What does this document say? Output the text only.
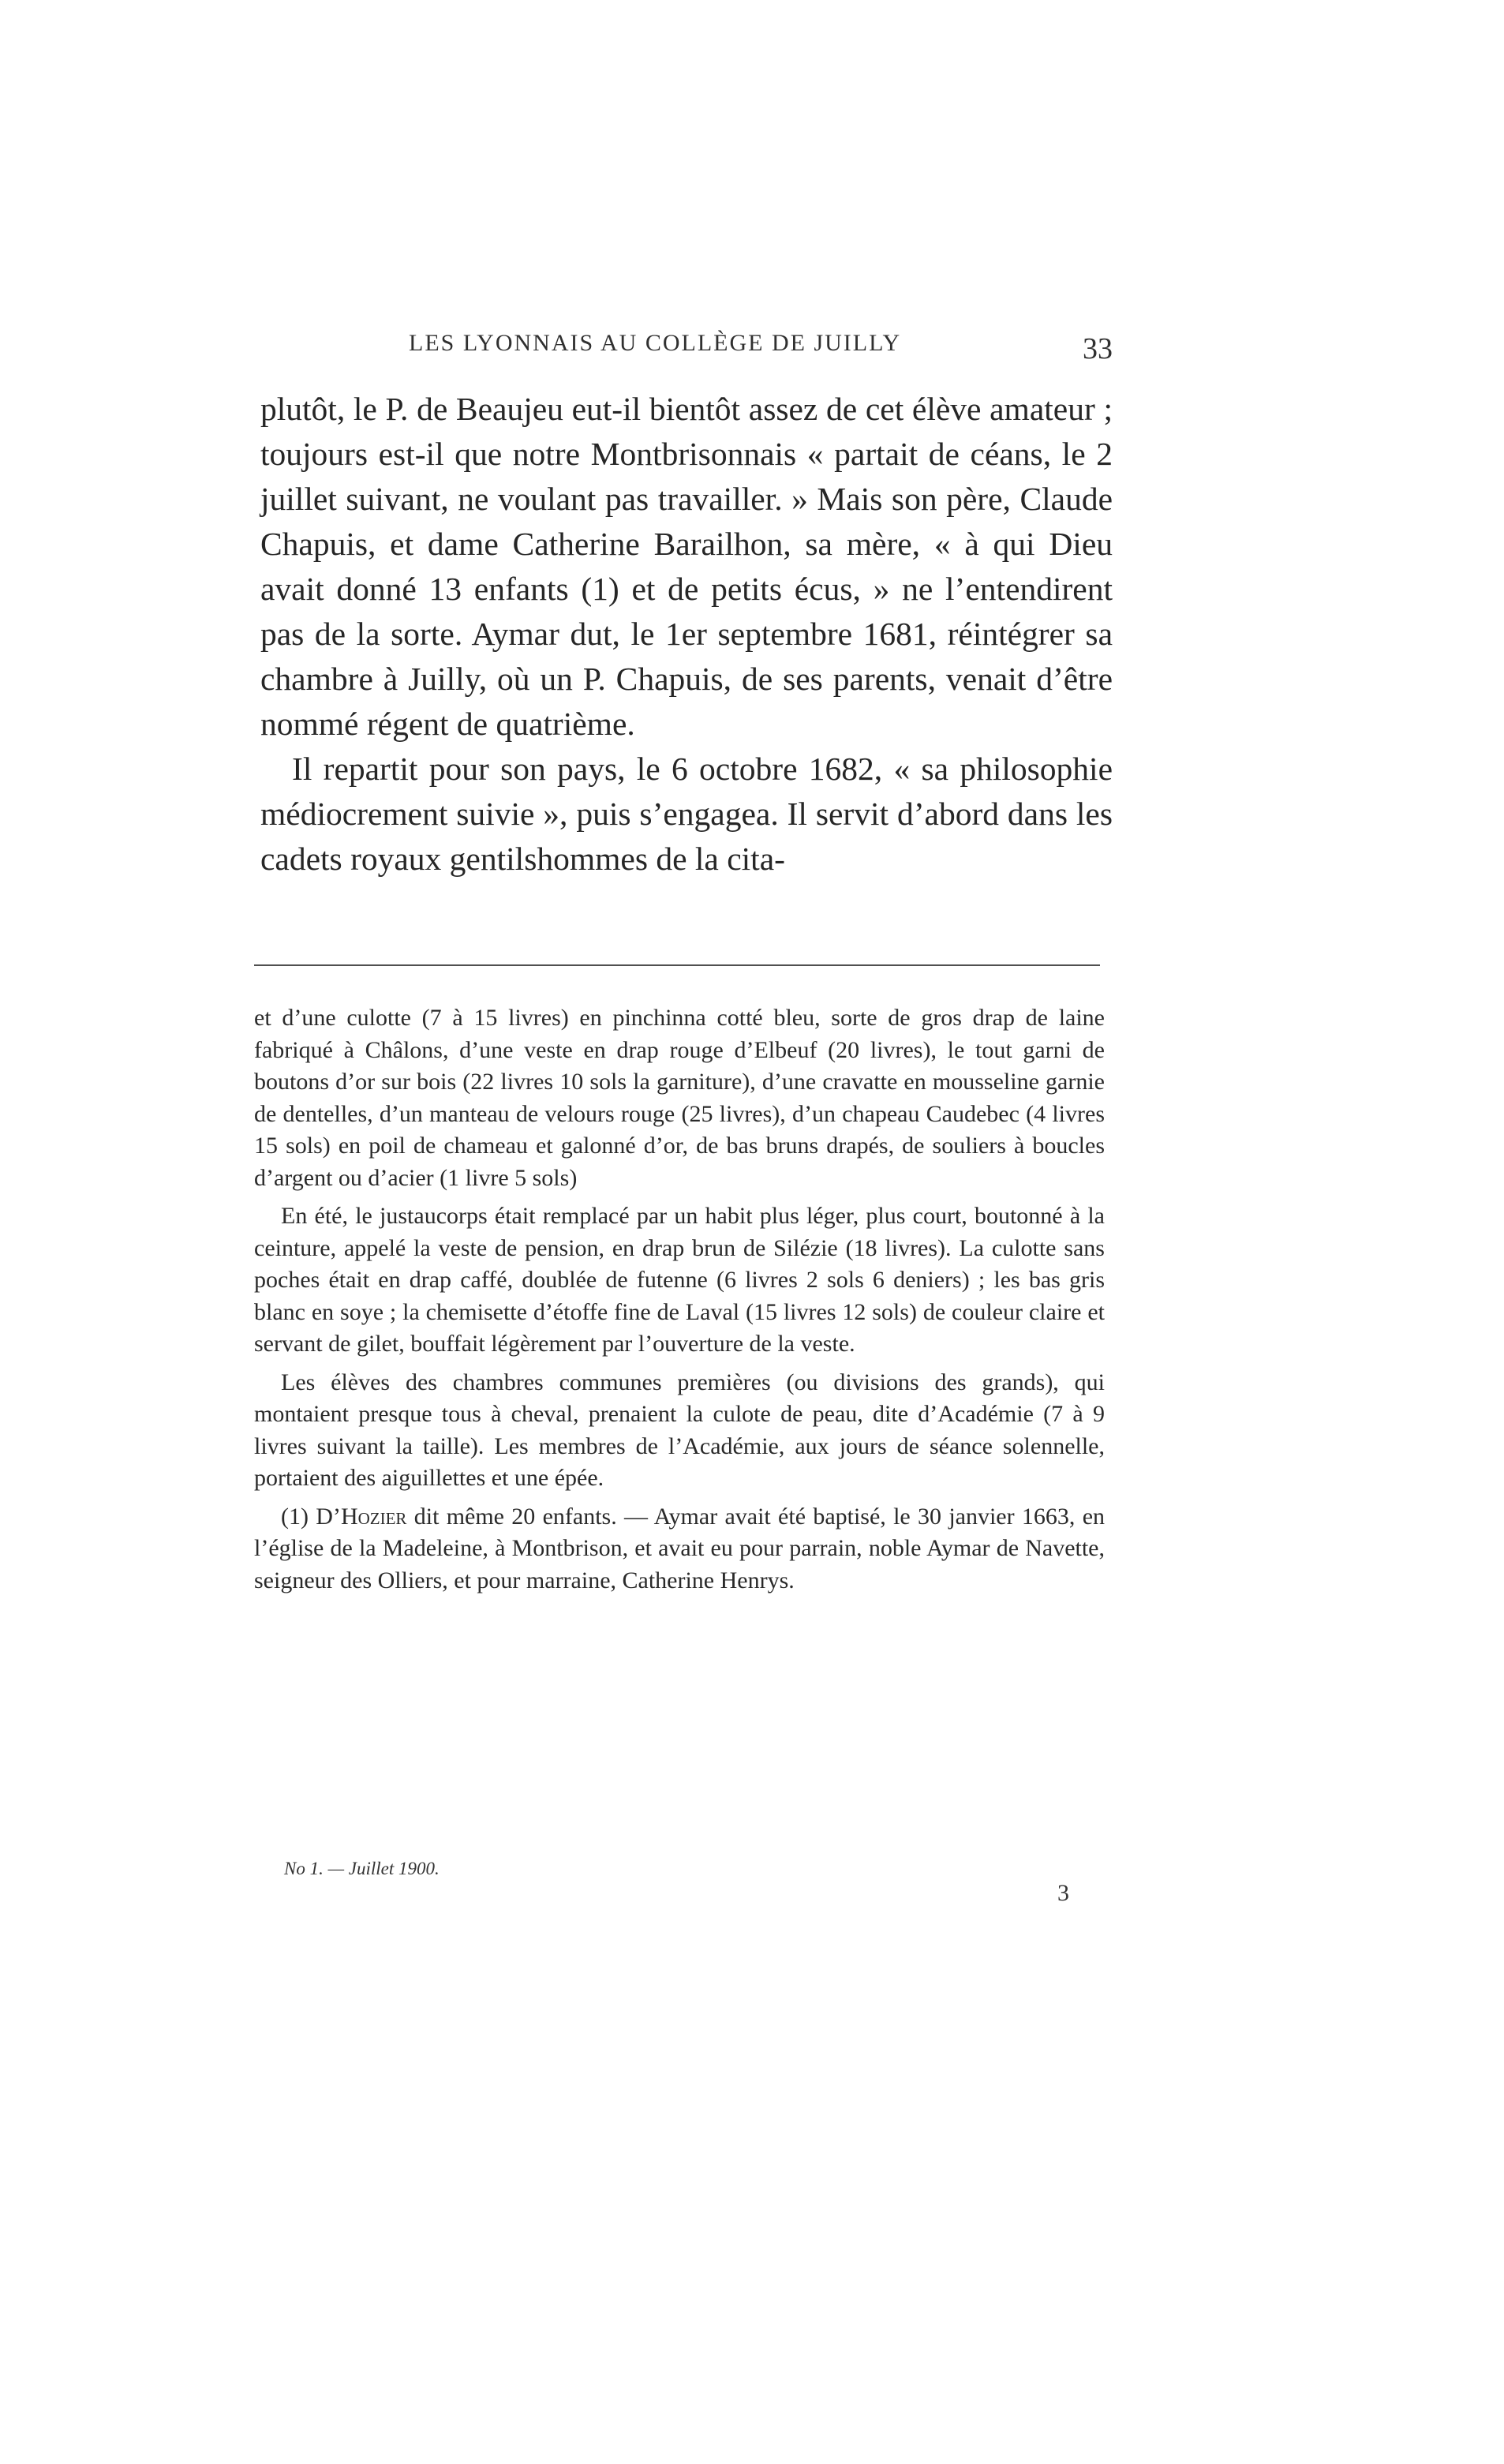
LES LYONNAIS AU COLLÈGE DE JUILLY	33

plutôt, le P. de Beaujeu eut-il bientôt assez de cet élève amateur ; toujours est-il que notre Montbrisonnais « partait de céans, le 2 juillet suivant, ne voulant pas travailler. » Mais son père, Claude Chapuis, et dame Catherine Barailhon, sa mère, « à qui Dieu avait donné 13 enfants (1) et de petits écus, » ne l’entendirent pas de la sorte. Aymar dut, le 1er septembre 1681, réintégrer sa chambre à Juilly, où un P. Chapuis, de ses parents, venait d’être nommé régent de quatrième.

Il repartit pour son pays, le 6 octobre 1682, « sa philosophie médiocrement suivie », puis s’engagea. Il servit d’abord dans les cadets royaux gentilshommes de la cita-

et d’une culotte (7 à 15 livres) en pinchinna cotté bleu, sorte de gros drap de laine fabriqué à Châlons, d’une veste en drap rouge d’Elbeuf (20 livres), le tout garni de boutons d’or sur bois (22 livres 10 sols la garniture), d’une cravatte en mousseline garnie de dentelles, d’un manteau de velours rouge (25 livres), d’un chapeau Caudebec (4 livres 15 sols) en poil de chameau et galonné d’or, de bas bruns drapés, de souliers à boucles d’argent ou d’acier (1 livre 5 sols)

En été, le justaucorps était remplacé par un habit plus léger, plus court, boutonné à la ceinture, appelé la veste de pension, en drap brun de Silézie (18 livres). La culotte sans poches était en drap caffé, doublée de futenne (6 livres 2 sols 6 deniers) ; les bas gris blanc en soye ; la chemisette d’étoffe fine de Laval (15 livres 12 sols) de couleur claire et servant de gilet, bouffait légèrement par l’ouverture de la veste.

Les élèves des chambres communes premières (ou divisions des grands), qui montaient presque tous à cheval, prenaient la culote de peau, dite d’Académie (7 à 9 livres suivant la taille). Les membres de l’Académie, aux jours de séance solennelle, portaient des aiguillettes et une épée.

(1) D’Hozier dit même 20 enfants. — Aymar avait été baptisé, le 30 janvier 1663, en l’église de la Madeleine, à Montbrison, et avait eu pour parrain, noble Aymar de Navette, seigneur des Olliers, et pour marraine, Catherine Henrys.

No 1. — Juillet 1900.
3
